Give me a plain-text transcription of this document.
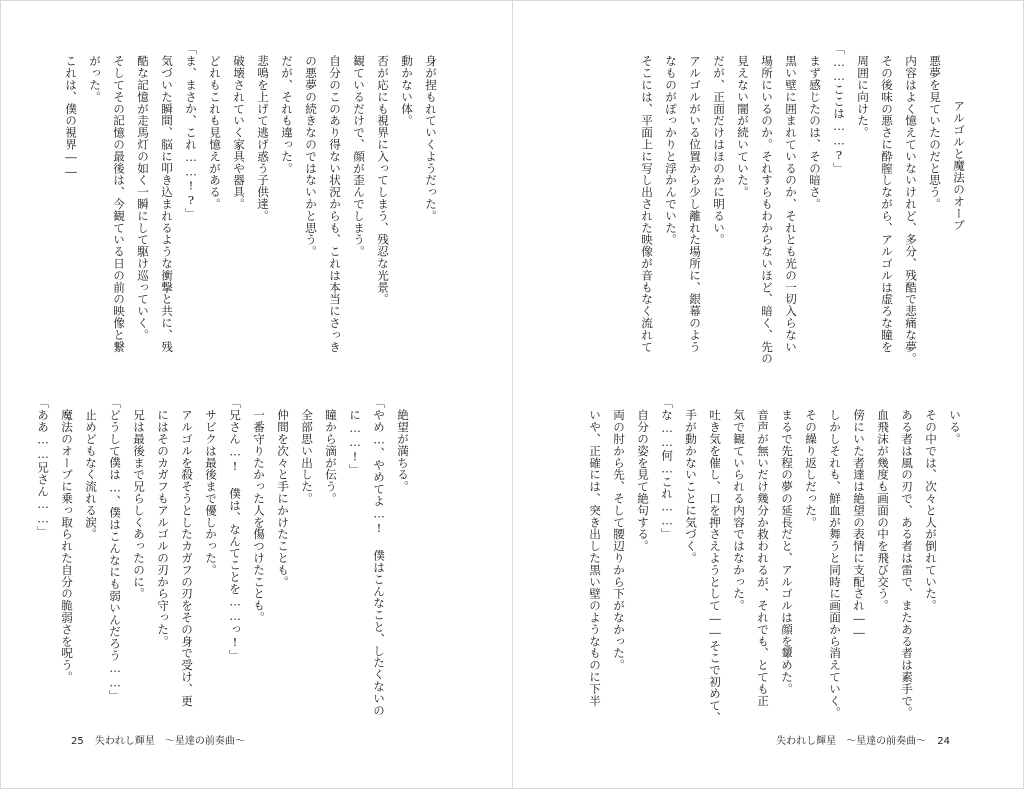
身が捏もれていくようだった。
動かない体。
否が応にも視界に入ってしまう、残忍な光景。
観ているだけで、顔が歪んでしまう。
自分のこのあり得ない状況からも、これは本当にさっき
の悪夢の続きなのではないかと思う。
だが、それも違った。
悲鳴を上げて逃げ惑う子供達。
破壊されていく家具や器具。
どれもこれも見憶えがある。
「ま、まさか、これ……!?」
気づいた瞬間、脳に叩き込まれるような衝撃と共に、残
酷な記憶が走馬灯の如く一瞬にして駆け巡っていく。
そしてその記憶の最後は、今観ている日の前の映像と繋
がった。
これは、僕の視界――
絶望が満ちる。
「やめ…、やめてよ…! 僕はこんなこと、したくないの
に……!」
瞳から滴が伝う。
全部思い出した。
仲間を次々と手にかけたことも。
一番守りたかった人を傷つけたことも。
「兄さん…! 僕は、なんてことを……っ!」
サビクは最後まで優しかった。
アルゴルを殺そうとしたカガフの刃をその身で受け、更
にはそのカガフもアルゴルの刃から守った。
兄は最後まで兄らしくあったのに。
「どうして僕は…、僕はこんなにも弱いんだろう……」
止めどもなく流れる涙。
魔法のオーブに乗っ取られた自分の脆弱さを呪う。
「ああ……兄さん……」
25 失われし輝星　〜星達の前奏曲〜
アルゴルと魔法のオーブ
悪夢を見ていたのだと思う。
内容はよく憶えていないけれど、多分、残酷で悲痛な夢。
その後味の悪さに酔膣しながら、アルゴルは虚ろな瞳を
周囲に向けた。
「……ここは……?」
まず感じたのは、その暗さ。
黒い壁に囲まれているのか、それとも光の一切入らない
場所にいるのか。それすらもわからないほど、暗く、先の
見えない闇が続いていた。
だが、正面だけはほのかに明るい。
アルゴルがいる位置から少し離れた場所に、銀幕のよう
なものがぽっかりと浮かんでいた。
そこには、平面上に写し出された映像が音もなく流れて
いる。
その中では、次々と人が倒れていた。
ある者は風の刃で、ある者は雷で、またある者は素手で。
血飛沫が幾度も画面の中を飛び交う。
傍にいた者達は絶望の表情に支配され――
しかしそれも、鮮血が舞うと同時に画面から消えていく。
その繰り返しだった。
まるで先程の夢の延長だと、アルゴルは顔を顰めた。
音声が無いだけ幾分か救われるが、それでも、とても正
気で観ていられる内容ではなかった。
吐き気を催し、口を押さえようとして――そこで初めて、
手が動かないことに気づく。
「な……何…これ……」
自分の姿を見て絶句する。
両の肘から先、そして腰辺りから下がなかった。
いや、正確には、突き出した黒い壁のようなものに下半
失われし輝星　〜星達の前奏曲〜 24
